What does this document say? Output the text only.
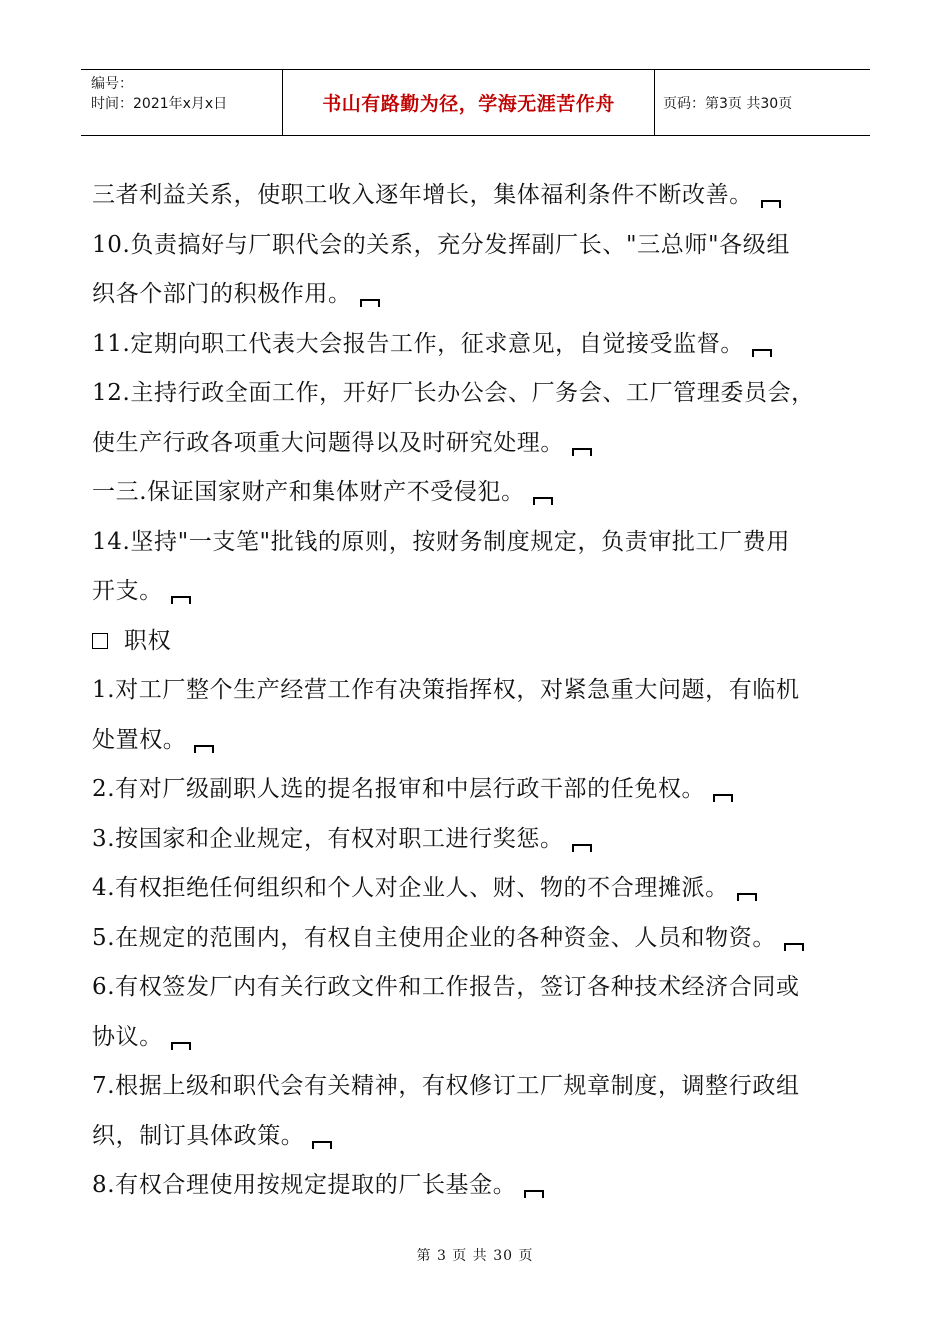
编号：
时间：2021年x月x日	书山有路勤为径，学海无涯苦作舟	页码：第3页 共30页
三者利益关系，使职工收入逐年增长，集体福利条件不断改善。
10.负责搞好与厂职代会的关系，充分发挥副厂长、"三总师"各级组
织各个部门的积极作用。
11.定期向职工代表大会报告工作，征求意见，自觉接受监督。
12.主持行政全面工作，开好厂长办公会、厂务会、工厂管理委员会，
使生产行政各项重大问题得以及时研究处理。
一三.保证国家财产和集体财产不受侵犯。
14.坚持"一支笔"批钱的原则，按财务制度规定，负责审批工厂费用
开支。
职权
1.对工厂整个生产经营工作有决策指挥权，对紧急重大问题，有临机
处置权。
2.有对厂级副职人选的提名报审和中层行政干部的任免权。
3.按国家和企业规定，有权对职工进行奖惩。
4.有权拒绝任何组织和个人对企业人、财、物的不合理摊派。
5.在规定的范围内，有权自主使用企业的各种资金、人员和物资。
6.有权签发厂内有关行政文件和工作报告，签订各种技术经济合同或
协议。
7.根据上级和职代会有关精神，有权修订工厂规章制度，调整行政组
织，制订具体政策。
8.有权合理使用按规定提取的厂长基金。
第 3 页 共 30 页
